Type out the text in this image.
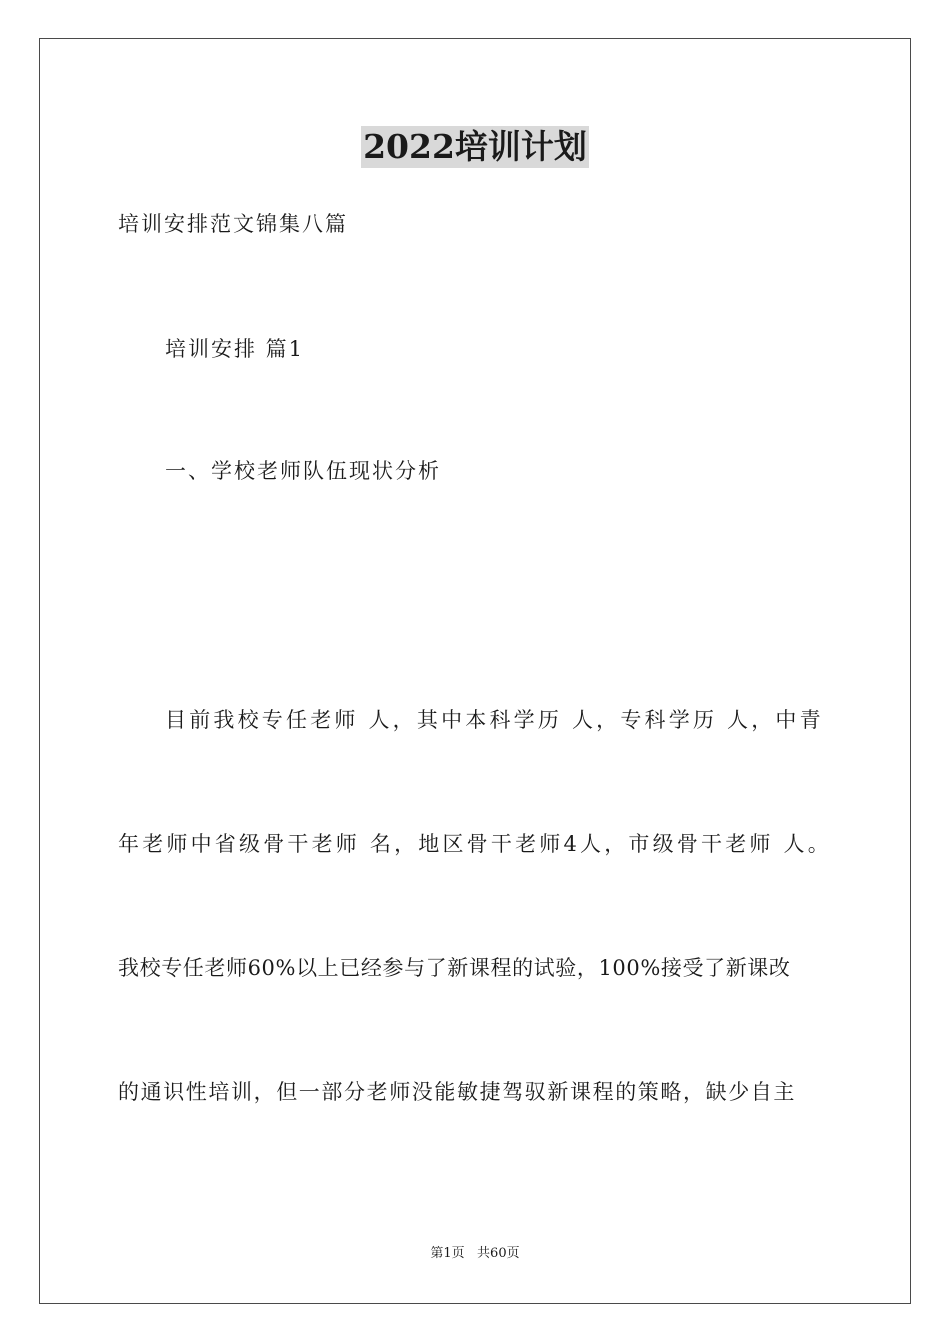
2022培训计划
培训安排范文锦集八篇
培训安排 篇1
一、学校老师队伍现状分析
目前我校专任老师 人，其中本科学历 人，专科学历 人，中青
年老师中省级骨干老师 名，地区骨干老师4人，市级骨干老师 人。
我校专任老师60%以上已经参与了新课程的试验，100%接受了新课改
的通识性培训，但一部分老师没能敏捷驾驭新课程的策略，缺少自主
第1页   共60页
